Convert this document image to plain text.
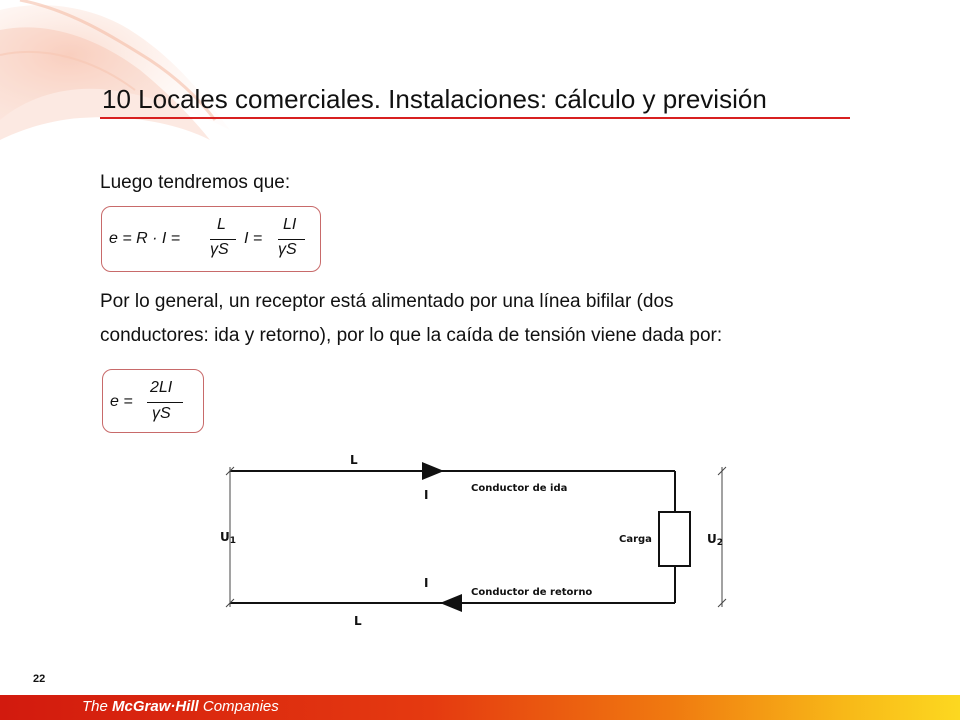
10 Locales comerciales. Instalaciones: cálculo y previsión
Luego tendremos que:
e = R · I =
L
γS
I =
LI
γS
Por lo general, un receptor está alimentado por una línea bifilar (dos
conductores: ida y retorno), por lo que la caída de tensión viene dada por:
e =
2LI
γS
L
I	Conductor de ida
U1	Carga	U2
I
Conductor de retorno
L
22
The McGraw·Hill Companies
